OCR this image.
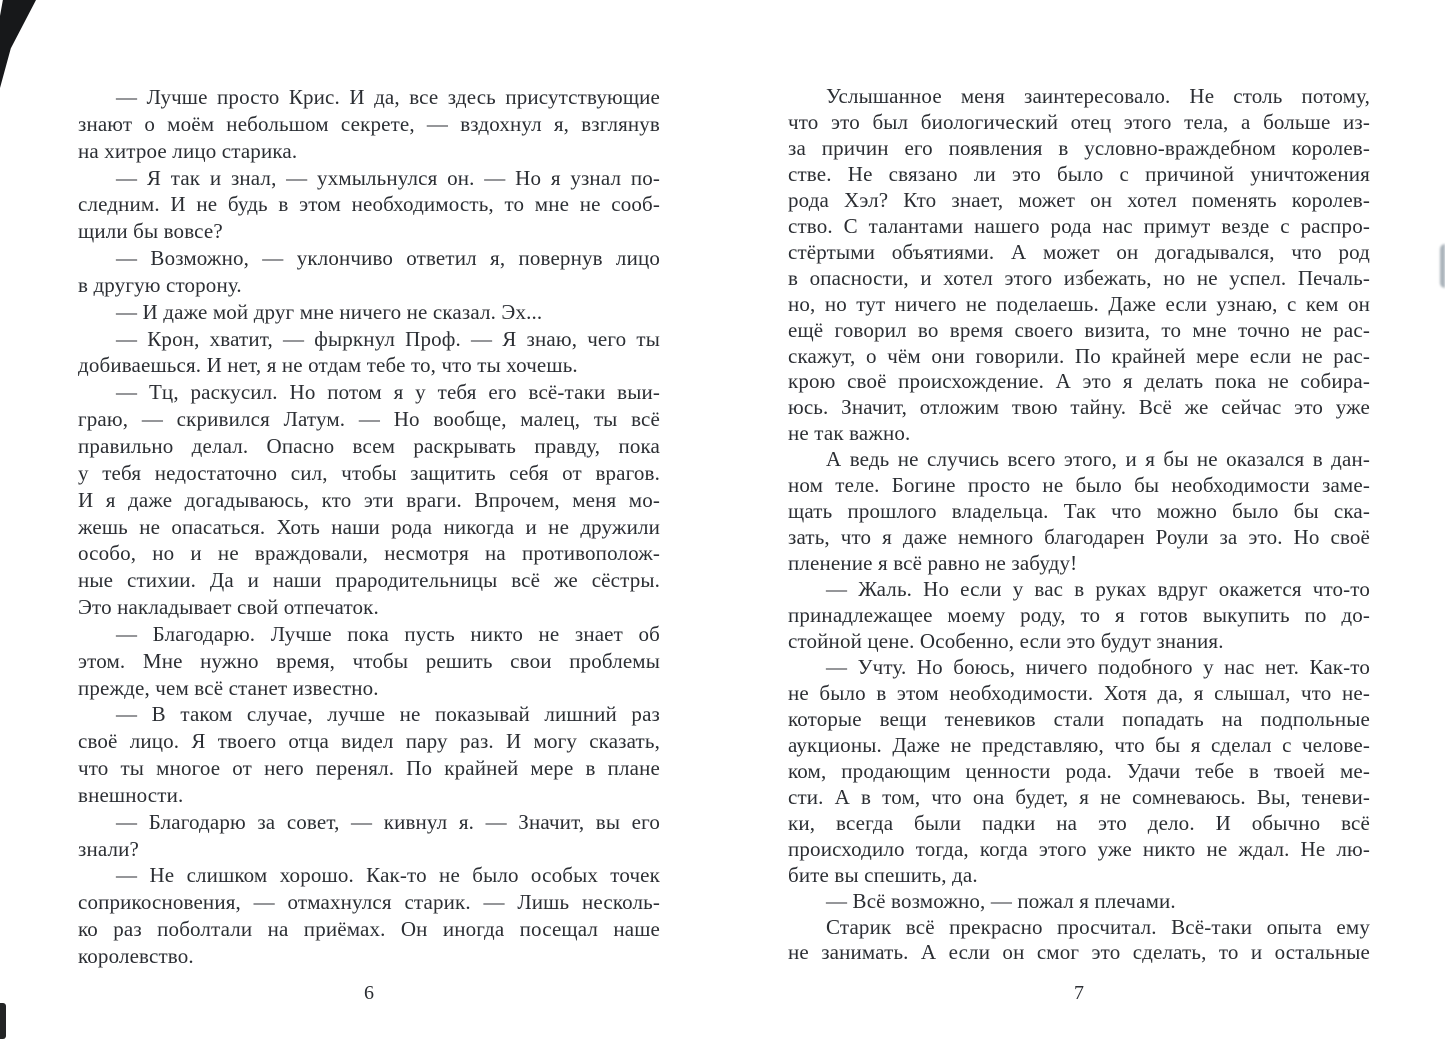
— Лучше просто Крис. И да, все здесь присутствующие
знают о моём небольшом секрете, — вздохнул я, взглянув
на хитрое лицо старика.
— Я так и знал, — ухмыльнулся он. — Но я узнал по-
следним. И не будь в этом необходимость, то мне не сооб-
щили бы вовсе?
— Возможно, — уклончиво ответил я, повернув лицо
в другую сторону.
— И даже мой друг мне ничего не сказал. Эх...
— Крон, хватит, — фыркнул Проф. — Я знаю, чего ты
добиваешься. И нет, я не отдам тебе то, что ты хочешь.
— Тц, раскусил. Но потом я у тебя его всё-таки выи-
граю, — скривился Латум. — Но вообще, малец, ты всё
правильно делал. Опасно всем раскрывать правду, пока
у тебя недостаточно сил, чтобы защитить себя от врагов.
И я даже догадываюсь, кто эти враги. Впрочем, меня мо-
жешь не опасаться. Хоть наши рода никогда и не дружили
особо, но и не враждовали, несмотря на противополож-
ные стихии. Да и наши прародительницы всё же сёстры.
Это накладывает свой отпечаток.
— Благодарю. Лучше пока пусть никто не знает об
этом. Мне нужно время, чтобы решить свои проблемы
прежде, чем всё станет известно.
— В таком случае, лучше не показывай лишний раз
своё лицо. Я твоего отца видел пару раз. И могу сказать,
что ты многое от него перенял. По крайней мере в плане
внешности.
— Благодарю за совет, — кивнул я. — Значит, вы его
знали?
— Не слишком хорошо. Как-то не было особых точек
соприкосновения, — отмахнулся старик. — Лишь несколь-
ко раз поболтали на приёмах. Он иногда посещал наше
королевство.
6
Услышанное меня заинтересовало. Не столь потому,
что это был биологический отец этого тела, а больше из-
за причин его появления в условно-враждебном королев-
стве. Не связано ли это было с причиной уничтожения
рода Хэл? Кто знает, может он хотел поменять королев-
ство. С талантами нашего рода нас примут везде с распро-
стёртыми объятиями. А может он догадывался, что род
в опасности, и хотел этого избежать, но не успел. Печаль-
но, но тут ничего не поделаешь. Даже если узнаю, с кем он
ещё говорил во время своего визита, то мне точно не рас-
скажут, о чём они говорили. По крайней мере если не рас-
крою своё происхождение. А это я делать пока не собира-
юсь. Значит, отложим твою тайну. Всё же сейчас это уже
не так важно.
А ведь не случись всего этого, и я бы не оказался в дан-
ном теле. Богине просто не было бы необходимости заме-
щать прошлого владельца. Так что можно было бы ска-
зать, что я даже немного благодарен Роули за это. Но своё
пленение я всё равно не забуду!
— Жаль. Но если у вас в руках вдруг окажется что-то
принадлежащее моему роду, то я готов выкупить по до-
стойной цене. Особенно, если это будут знания.
— Учту. Но боюсь, ничего подобного у нас нет. Как-то
не было в этом необходимости. Хотя да, я слышал, что не-
которые вещи теневиков стали попадать на подпольные
аукционы. Даже не представляю, что бы я сделал с челове-
ком, продающим ценности рода. Удачи тебе в твоей ме-
сти. А в том, что она будет, я не сомневаюсь. Вы, теневи-
ки, всегда были падки на это дело. И обычно всё
происходило тогда, когда этого уже никто не ждал. Не лю-
бите вы спешить, да.
— Всё возможно, — пожал я плечами.
Старик всё прекрасно просчитал. Всё-таки опыта ему
не занимать. А если он смог это сделать, то и остальные
7
